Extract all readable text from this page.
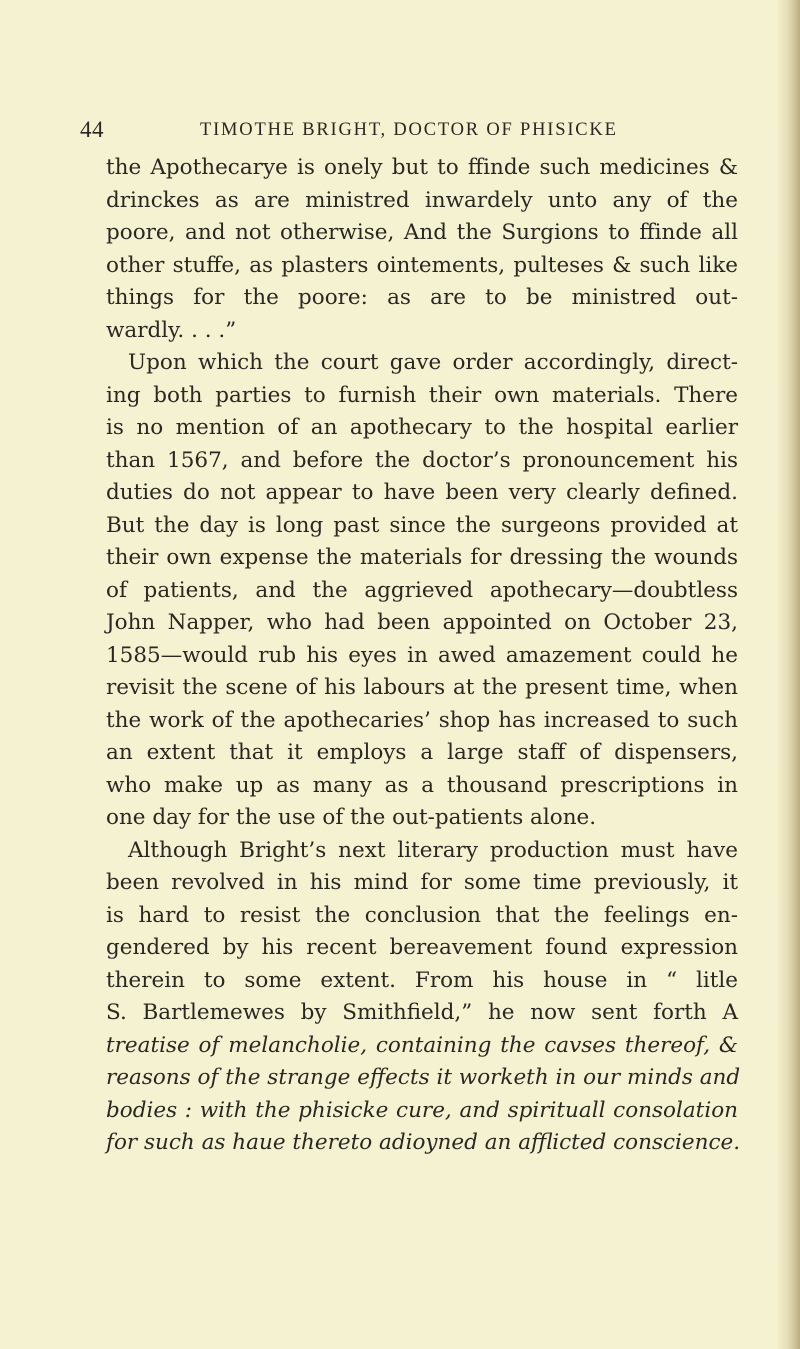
44	TIMOTHE BRIGHT, DOCTOR OF PHISICKE
the Apothecarye is onely but to ffinde such medicines &
drinckes as are ministred inwardely unto any of the
poore, and not otherwise, And the Surgions to ffinde all
other stuffe, as plasters ointements, pulteses & such like
things for the poore: as are to be ministred out-
wardly. . . .”
Upon which the court gave order accordingly, direct-
ing both parties to furnish their own materials. There
is no mention of an apothecary to the hospital earlier
than 1567, and before the doctor’s pronouncement his
duties do not appear to have been very clearly defined.
But the day is long past since the surgeons provided at
their own expense the materials for dressing the wounds
of patients, and the aggrieved apothecary—doubtless
John Napper, who had been appointed on October 23,
1585—would rub his eyes in awed amazement could he
revisit the scene of his labours at the present time, when
the work of the apothecaries’ shop has increased to such
an extent that it employs a large staff of dispensers,
who make up as many as a thousand prescriptions in
one day for the use of the out-patients alone.
Although Bright’s next literary production must have
been revolved in his mind for some time previously, it
is hard to resist the conclusion that the feelings en-
gendered by his recent bereavement found expression
therein to some extent. From his house in “ litle
S. Bartlemewes by Smithfield,” he now sent forth A
treatise of melancholie, containing the cavses thereof, &
reasons of the strange effects it worketh in our minds and
bodies : with the phisicke cure, and spirituall consolation
for such as haue thereto adioyned an afflicted conscience.
